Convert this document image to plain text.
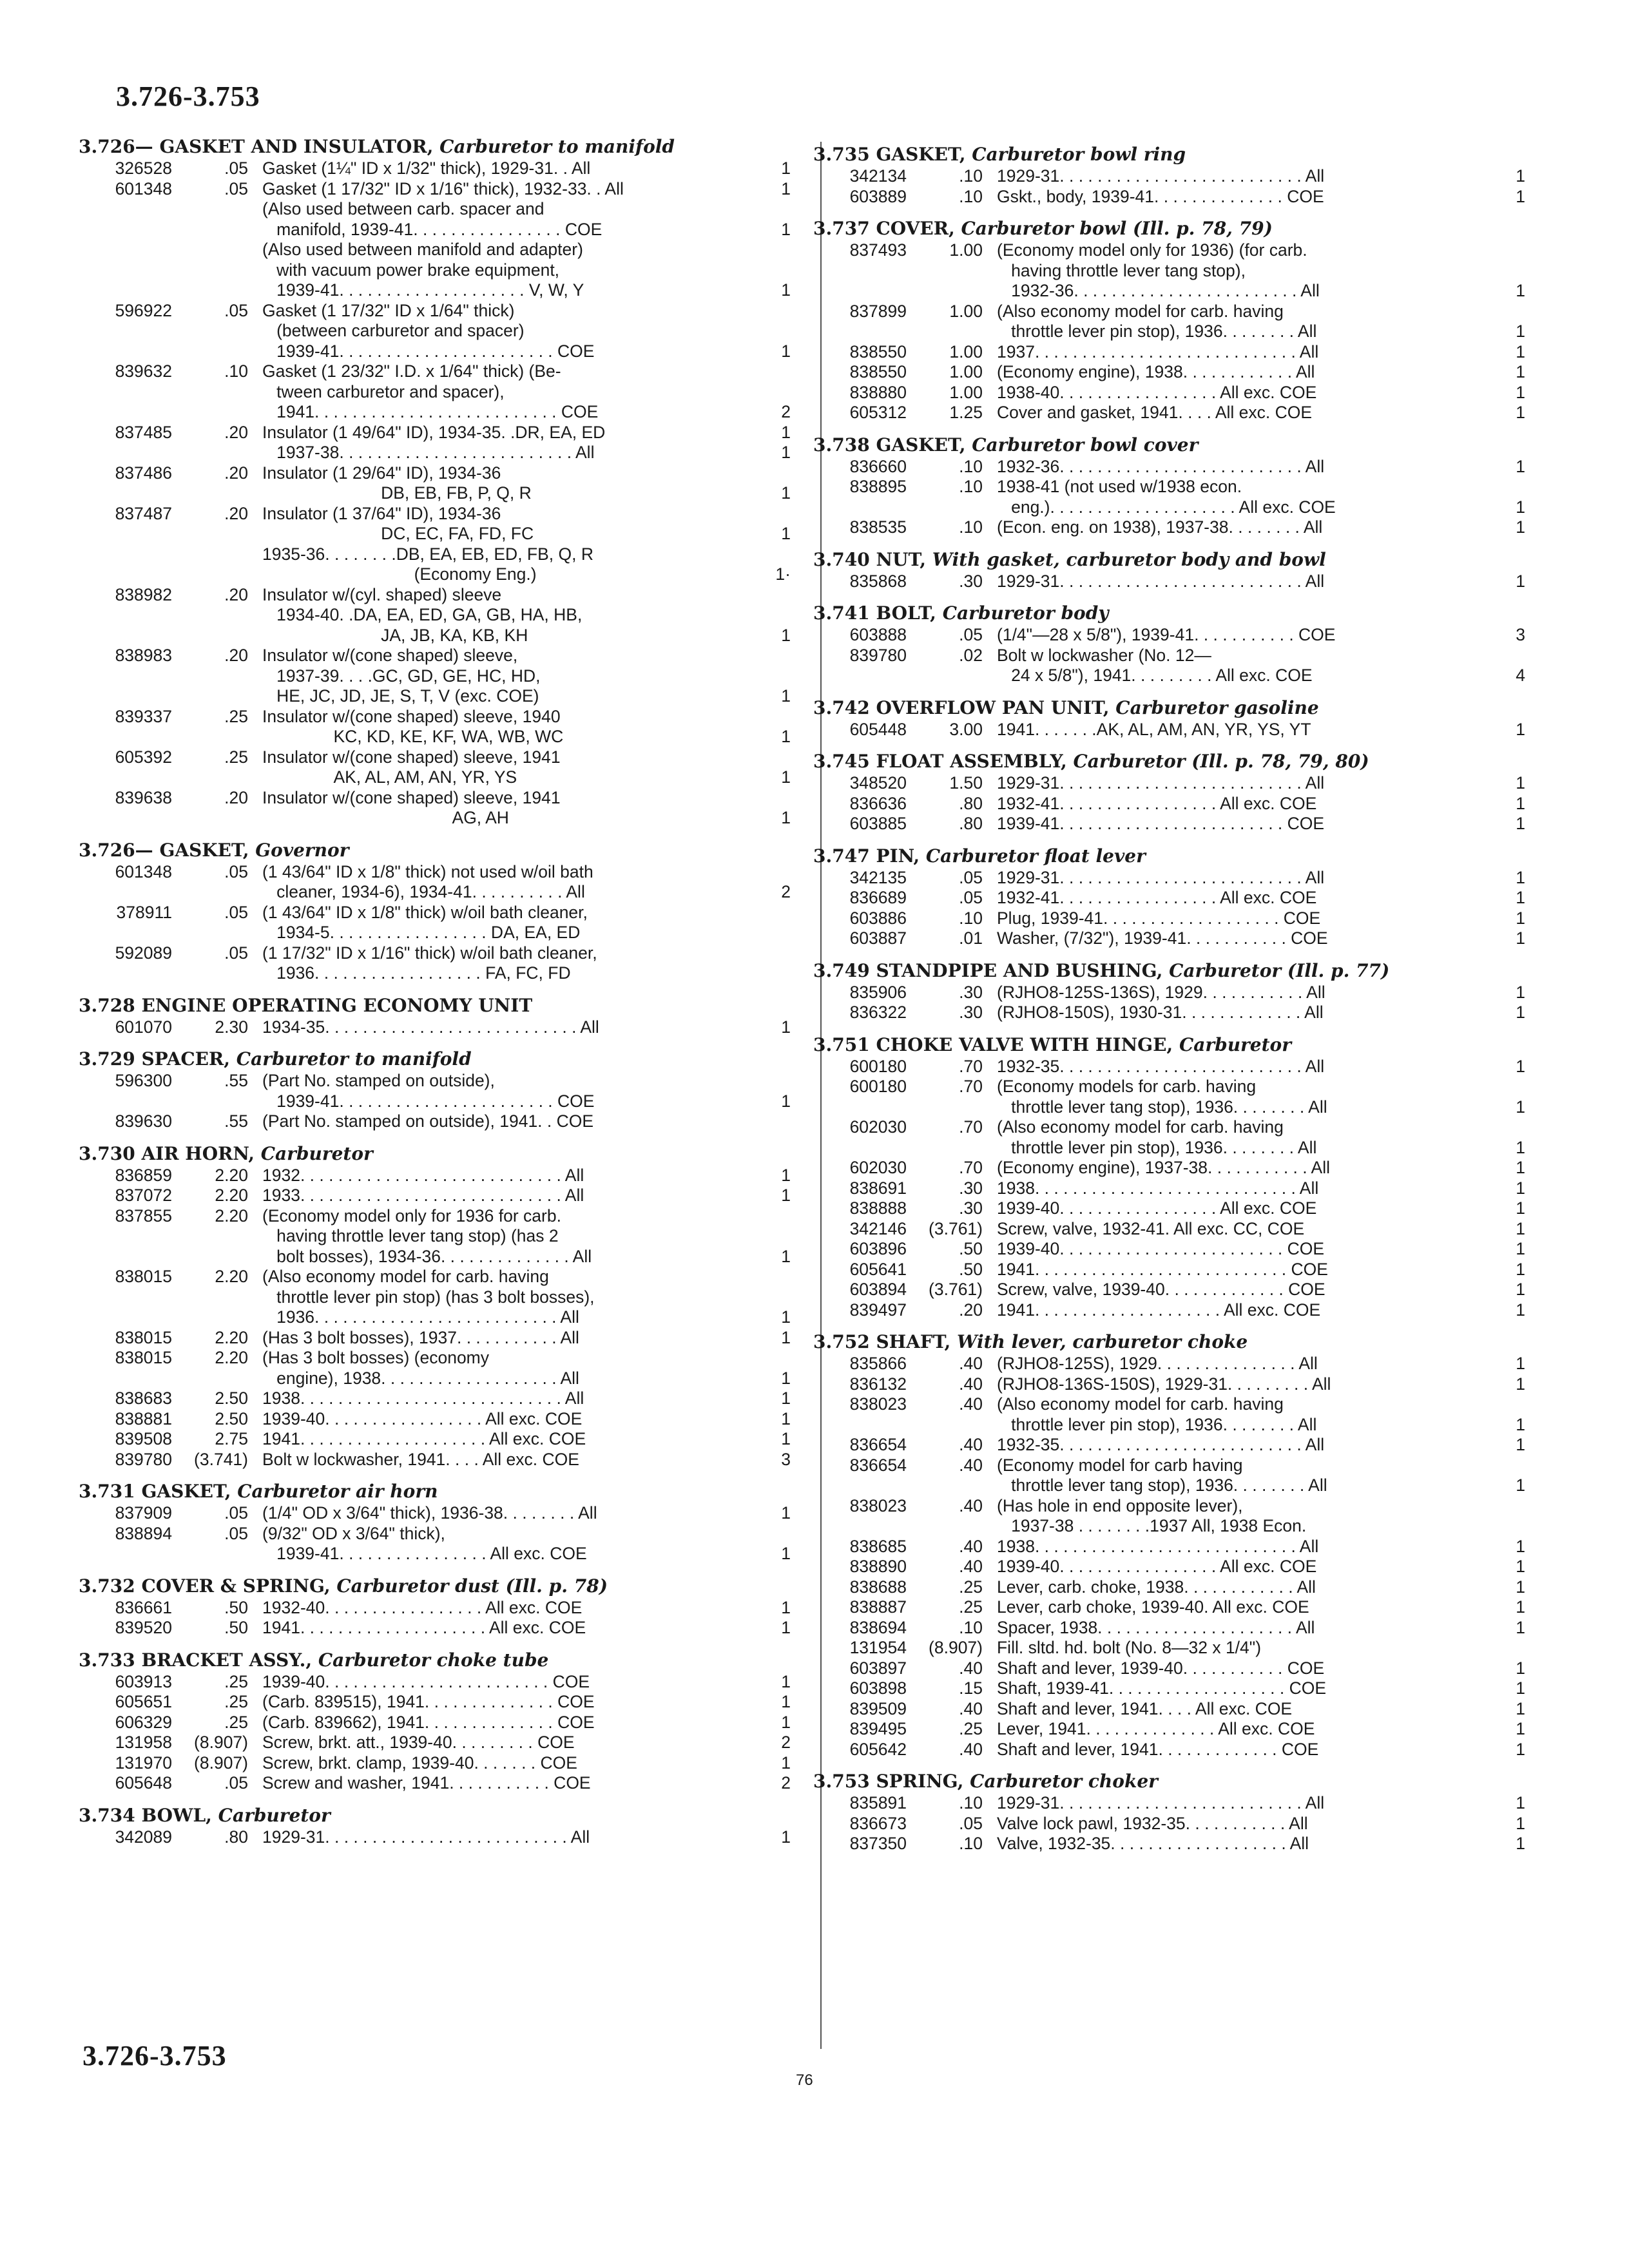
3.726-3.753
3.726— GASKET AND INSULATOR, Carburetor to manifold
326528	.05 Gasket (1¼" ID x 1/32" thick), 1929-31. . All	1
601348	.05 Gasket (1 17/32" ID x 1/16" thick), 1932-33. . All	1
(Also used between carb. spacer and
manifold, 1939-41. . . . . . . . . . . . . . . . COE	1
(Also used between manifold and adapter)
with vacuum power brake equipment,
1939-41. . . . . . . . . . . . . . . . . . . . V, W, Y	1
596922	.05 Gasket (1 17/32" ID x 1/64" thick)
(between carburetor and spacer)
1939-41. . . . . . . . . . . . . . . . . . . . . . . COE	1
839632	.10 Gasket (1 23/32" I.D. x 1/64" thick) (Be-
tween carburetor and spacer),
1941. . . . . . . . . . . . . . . . . . . . . . . . . . COE	2
837485	.20 Insulator (1 49/64" ID), 1934-35. .DR, EA, ED	1
1937-38. . . . . . . . . . . . . . . . . . . . . . . . . All	1
837486	.20 Insulator (1 29/64" ID), 1934-36
DB, EB, FB, P, Q, R	1
837487	.20 Insulator (1 37/64" ID), 1934-36
DC, EC, FA, FD, FC	1
1935-36. . . . . . . .DB, EA, EB, ED, FB, Q, R
(Economy Eng.)	1·
838982	.20 Insulator w/(cyl. shaped) sleeve
1934-40. .DA, EA, ED, GA, GB, HA, HB,
JA, JB, KA, KB, KH	1
838983	.20 Insulator w/(cone shaped) sleeve,
1937-39. . . .GC, GD, GE, HC, HD,
HE, JC, JD, JE, S, T, V (exc. COE)	1
839337	.25 Insulator w/(cone shaped) sleeve, 1940
KC, KD, KE, KF, WA, WB, WC	1
605392	.25 Insulator w/(cone shaped) sleeve, 1941
AK, AL, AM, AN, YR, YS	1
839638	.20 Insulator w/(cone shaped) sleeve, 1941
AG, AH	1
3.726— GASKET, Governor
601348	.05 (1 43/64" ID x 1/8" thick) not used w/oil bath
cleaner, 1934-6), 1934-41. . . . . . . . . . All	2
378911	.05 (1 43/64" ID x 1/8" thick) w/oil bath cleaner,
1934-5. . . . . . . . . . . . . . . . . DA, EA, ED
592089	.05 (1 17/32" ID x 1/16" thick) w/oil bath cleaner,
1936. . . . . . . . . . . . . . . . . . FA, FC, FD
3.728 ENGINE OPERATING ECONOMY UNIT
601070	2.30 1934-35. . . . . . . . . . . . . . . . . . . . . . . . . . . All	1
3.729 SPACER, Carburetor to manifold
596300	.55 (Part No. stamped on outside),
1939-41. . . . . . . . . . . . . . . . . . . . . . . COE	1
839630	.55 (Part No. stamped on outside), 1941. . COE
3.730 AIR HORN, Carburetor
836859	2.20 1932. . . . . . . . . . . . . . . . . . . . . . . . . . . . All	1
837072	2.20 1933. . . . . . . . . . . . . . . . . . . . . . . . . . . . All	1
837855	2.20 (Economy model only for 1936 for carb.
having throttle lever tang stop) (has 2
bolt bosses), 1934-36. . . . . . . . . . . . . . All	1
838015	2.20 (Also economy model for carb. having
throttle lever pin stop) (has 3 bolt bosses),
1936. . . . . . . . . . . . . . . . . . . . . . . . . . All	1
838015	2.20 (Has 3 bolt bosses), 1937. . . . . . . . . . . All	1
838015	2.20 (Has 3 bolt bosses) (economy
engine), 1938. . . . . . . . . . . . . . . . . . . All	1
838683	2.50 1938. . . . . . . . . . . . . . . . . . . . . . . . . . . . All	1
838881	2.50 1939-40. . . . . . . . . . . . . . . . . All exc. COE	1
839508	2.75 1941. . . . . . . . . . . . . . . . . . . . All exc. COE	1
839780	(3.741) Bolt w lockwasher, 1941. . . . All exc. COE	3
3.731 GASKET, Carburetor air horn
837909	.05 (1/4" OD x 3/64" thick), 1936-38. . . . . . . . All	1
838894	.05 (9/32" OD x 3/64" thick),
1939-41. . . . . . . . . . . . . . . . All exc. COE	1
3.732 COVER & SPRING, Carburetor dust (Ill. p. 78)
836661	.50 1932-40. . . . . . . . . . . . . . . . . All exc. COE	1
839520	.50 1941. . . . . . . . . . . . . . . . . . . . All exc. COE	1
3.733 BRACKET ASSY., Carburetor choke tube
603913	.25 1939-40. . . . . . . . . . . . . . . . . . . . . . . . COE	1
605651	.25 (Carb. 839515), 1941. . . . . . . . . . . . . . COE	1
606329	.25 (Carb. 839662), 1941. . . . . . . . . . . . . . COE	1
131958	(8.907) Screw, brkt. att., 1939-40. . . . . . . . . COE	2
131970	(8.907) Screw, brkt. clamp, 1939-40. . . . . . . COE	1
605648	.05 Screw and washer, 1941. . . . . . . . . . . COE	2
3.734 BOWL, Carburetor
342089	.80 1929-31. . . . . . . . . . . . . . . . . . . . . . . . . . All	1
3.735 GASKET, Carburetor bowl ring
342134	.10 1929-31. . . . . . . . . . . . . . . . . . . . . . . . . . All	1
603889	.10 Gskt., body, 1939-41. . . . . . . . . . . . . . COE	1
3.737 COVER, Carburetor bowl (Ill. p. 78, 79)
837493	1.00 (Economy model only for 1936) (for carb.
having throttle lever tang stop),
1932-36. . . . . . . . . . . . . . . . . . . . . . . . All	1
837899	1.00 (Also economy model for carb. having
throttle lever pin stop), 1936. . . . . . . . All	1
838550	1.00 1937. . . . . . . . . . . . . . . . . . . . . . . . . . . . All	1
838550	1.00 (Economy engine), 1938. . . . . . . . . . . . All	1
838880	1.00 1938-40. . . . . . . . . . . . . . . . . All exc. COE	1
605312	1.25 Cover and gasket, 1941. . . . All exc. COE	1
3.738 GASKET, Carburetor bowl cover
836660	.10 1932-36. . . . . . . . . . . . . . . . . . . . . . . . . . All	1
838895	.10 1938-41 (not used w/1938 econ.
eng.). . . . . . . . . . . . . . . . . . . . All exc. COE	1
838535	.10 (Econ. eng. on 1938), 1937-38. . . . . . . . All	1
3.740 NUT, With gasket, carburetor body and bowl
835868	.30 1929-31. . . . . . . . . . . . . . . . . . . . . . . . . . All	1
3.741 BOLT, Carburetor body
603888	.05 (1/4"—28 x 5/8"), 1939-41. . . . . . . . . . . COE	3
839780	.02 Bolt w lockwasher (No. 12—
24 x 5/8"), 1941. . . . . . . . . All exc. COE	4
3.742 OVERFLOW PAN UNIT, Carburetor gasoline
605448	3.00 1941. . . . . . .AK, AL, AM, AN, YR, YS, YT	1
3.745 FLOAT ASSEMBLY, Carburetor (Ill. p. 78, 79, 80)
348520	1.50 1929-31. . . . . . . . . . . . . . . . . . . . . . . . . . All	1
836636	.80 1932-41. . . . . . . . . . . . . . . . . All exc. COE	1
603885	.80 1939-41. . . . . . . . . . . . . . . . . . . . . . . . COE	1
3.747 PIN, Carburetor float lever
342135	.05 1929-31. . . . . . . . . . . . . . . . . . . . . . . . . . All	1
836689	.05 1932-41. . . . . . . . . . . . . . . . . All exc. COE	1
603886	.10 Plug, 1939-41. . . . . . . . . . . . . . . . . . . COE	1
603887	.01 Washer, (7/32"), 1939-41. . . . . . . . . . . COE	1
3.749 STANDPIPE AND BUSHING, Carburetor (Ill. p. 77)
835906	.30 (RJHO8-125S-136S), 1929. . . . . . . . . . . All	1
836322	.30 (RJHO8-150S), 1930-31. . . . . . . . . . . . . All	1
3.751 CHOKE VALVE WITH HINGE, Carburetor
600180	.70 1932-35. . . . . . . . . . . . . . . . . . . . . . . . . . All	1
600180	.70 (Economy models for carb. having
throttle lever tang stop), 1936. . . . . . . . All	1
602030	.70 (Also economy model for carb. having
throttle lever pin stop), 1936. . . . . . . . All	1
602030	.70 (Economy engine), 1937-38. . . . . . . . . . . All	1
838691	.30 1938. . . . . . . . . . . . . . . . . . . . . . . . . . . . All	1
838888	.30 1939-40. . . . . . . . . . . . . . . . . All exc. COE	1
342146	(3.761) Screw, valve, 1932-41. All exc. CC, COE	1
603896	.50 1939-40. . . . . . . . . . . . . . . . . . . . . . . . COE	1
605641	.50 1941. . . . . . . . . . . . . . . . . . . . . . . . . . . COE	1
603894	(3.761) Screw, valve, 1939-40. . . . . . . . . . . . . COE	1
839497	.20 1941. . . . . . . . . . . . . . . . . . . . All exc. COE	1
3.752 SHAFT, With lever, carburetor choke
835866	.40 (RJHO8-125S), 1929. . . . . . . . . . . . . . . All	1
836132	.40 (RJHO8-136S-150S), 1929-31. . . . . . . . . All	1
838023	.40 (Also economy model for carb. having
throttle lever pin stop), 1936. . . . . . . . All	1
836654	.40 1932-35. . . . . . . . . . . . . . . . . . . . . . . . . . All	1
836654	.40 (Economy model for carb having
throttle lever tang stop), 1936. . . . . . . . All	1
838023	.40 (Has hole in end opposite lever),
1937-38 . . . . . . . .1937 All, 1938 Econ.
838685	.40 1938. . . . . . . . . . . . . . . . . . . . . . . . . . . . All	1
838890	.40 1939-40. . . . . . . . . . . . . . . . . All exc. COE	1
838688	.25 Lever, carb. choke, 1938. . . . . . . . . . . . All	1
838887	.25 Lever, carb choke, 1939-40. All exc. COE	1
838694	.10 Spacer, 1938. . . . . . . . . . . . . . . . . . . . . All	1
131954	(8.907) Fill. sltd. hd. bolt (No. 8—32 x 1/4")
603897	.40 Shaft and lever, 1939-40. . . . . . . . . . . COE	1
603898	.15 Shaft, 1939-41. . . . . . . . . . . . . . . . . . . COE	1
839509	.40 Shaft and lever, 1941. . . . All exc. COE	1
839495	.25 Lever, 1941. . . . . . . . . . . . . . All exc. COE	1
605642	.40 Shaft and lever, 1941. . . . . . . . . . . . . COE	1
3.753 SPRING, Carburetor choker
835891	.10 1929-31. . . . . . . . . . . . . . . . . . . . . . . . . . All	1
836673	.05 Valve lock pawl, 1932-35. . . . . . . . . . . All	1
837350	.10 Valve, 1932-35. . . . . . . . . . . . . . . . . . . All	1
3.726-3.753
76
